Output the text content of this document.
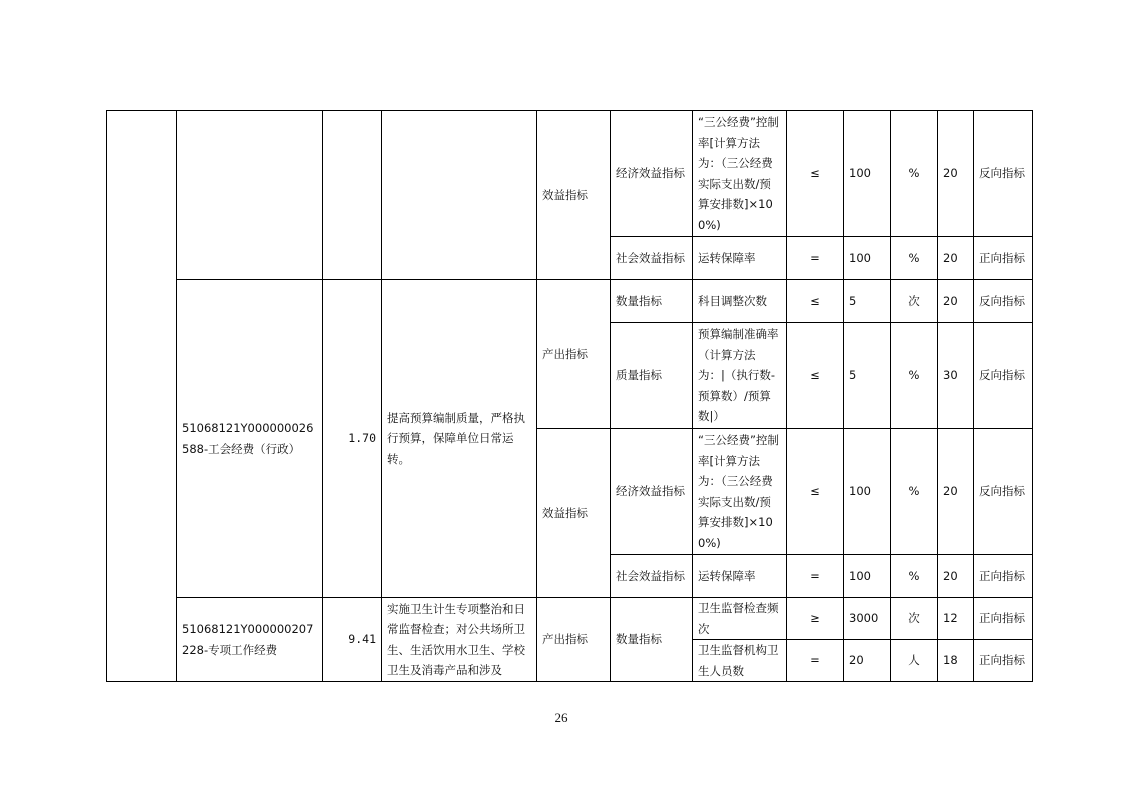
				效益指标	经济效益指标	“三公经费”控制率[计算方法为：（三公经费实际支出数/预算安排数]×100%)	≤	100	%	20	反向指标
					社会效益指标	运转保障率	=	100	%	20	正向指标
	51068121Y000000026588-工会经费（行政）	1.70	提高预算编制质量，严格执行预算，保障单位日常运转。	产出指标	数量指标	科目调整次数	≤	5	次	20	反向指标
					质量指标	预算编制准确率（计算方法为：|（执行数-预算数）/预算数|）	≤	5	%	30	反向指标
				效益指标	经济效益指标	“三公经费”控制率[计算方法为：（三公经费实际支出数/预算安排数]×100%)	≤	100	%	20	反向指标
					社会效益指标	运转保障率	=	100	%	20	正向指标
	51068121Y000000207228-专项工作经费	9.41	实施卫生计生专项整治和日常监督检查；对公共场所卫生、生活饮用水卫生、学校卫生及消毒产品和涉及	产出指标	数量指标	卫生监督检查频次	≥	3000	次	12	正向指标
						卫生监督机构卫生人员数	=	20	人	18	正向指标
26
